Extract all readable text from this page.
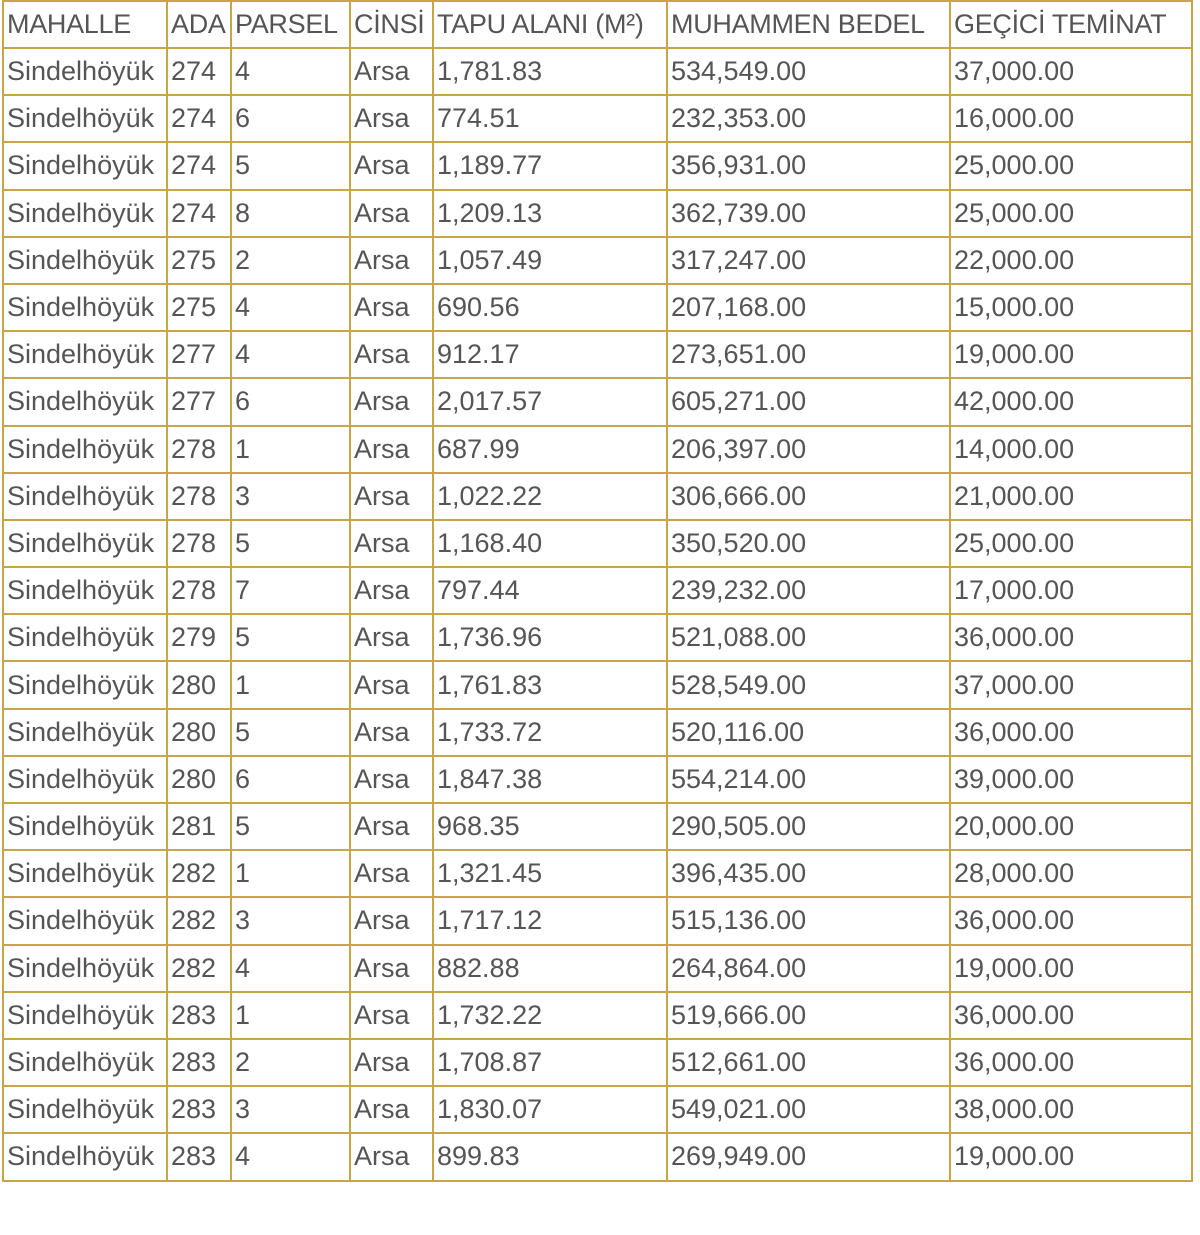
MAHALLE	ADA	PARSEL	CİNSİ	TAPU ALANI (M²)	MUHAMMEN BEDEL	GEÇİCİ TEMİNAT
Sindelhöyük	274	4	Arsa	1,781.83	534,549.00	37,000.00
Sindelhöyük	274	6	Arsa	774.51	232,353.00	16,000.00
Sindelhöyük	274	5	Arsa	1,189.77	356,931.00	25,000.00
Sindelhöyük	274	8	Arsa	1,209.13	362,739.00	25,000.00
Sindelhöyük	275	2	Arsa	1,057.49	317,247.00	22,000.00
Sindelhöyük	275	4	Arsa	690.56	207,168.00	15,000.00
Sindelhöyük	277	4	Arsa	912.17	273,651.00	19,000.00
Sindelhöyük	277	6	Arsa	2,017.57	605,271.00	42,000.00
Sindelhöyük	278	1	Arsa	687.99	206,397.00	14,000.00
Sindelhöyük	278	3	Arsa	1,022.22	306,666.00	21,000.00
Sindelhöyük	278	5	Arsa	1,168.40	350,520.00	25,000.00
Sindelhöyük	278	7	Arsa	797.44	239,232.00	17,000.00
Sindelhöyük	279	5	Arsa	1,736.96	521,088.00	36,000.00
Sindelhöyük	280	1	Arsa	1,761.83	528,549.00	37,000.00
Sindelhöyük	280	5	Arsa	1,733.72	520,116.00	36,000.00
Sindelhöyük	280	6	Arsa	1,847.38	554,214.00	39,000.00
Sindelhöyük	281	5	Arsa	968.35	290,505.00	20,000.00
Sindelhöyük	282	1	Arsa	1,321.45	396,435.00	28,000.00
Sindelhöyük	282	3	Arsa	1,717.12	515,136.00	36,000.00
Sindelhöyük	282	4	Arsa	882.88	264,864.00	19,000.00
Sindelhöyük	283	1	Arsa	1,732.22	519,666.00	36,000.00
Sindelhöyük	283	2	Arsa	1,708.87	512,661.00	36,000.00
Sindelhöyük	283	3	Arsa	1,830.07	549,021.00	38,000.00
Sindelhöyük	283	4	Arsa	899.83	269,949.00	19,000.00
